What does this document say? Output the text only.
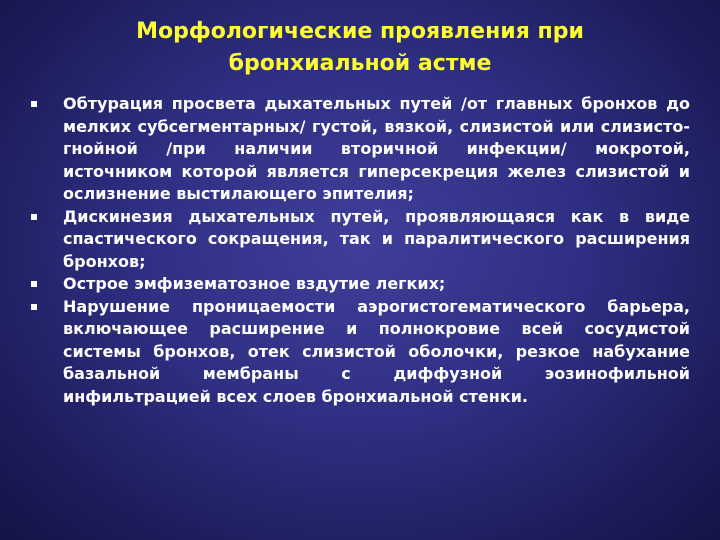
Морфологические проявления при
бронхиальной астме
Обтурация просвета дыхательных путей /от главных бронхов до мелких субсегментарных/ густой, вязкой, слизистой или слизисто-гнойной /при наличии вторичной инфекции/ мокротой, источником которой является гиперсекреция желез слизистой и ослизнение выстилающего эпителия;
Дискинезия дыхательных путей, проявляющаяся как в виде спастического сокращения, так и паралитического расширения бронхов;
Острое эмфизематозное вздутие легких;
Нарушение проницаемости аэрогистогематического барьера, включающее расширение и полнокровие всей сосудистой системы бронхов, отек слизистой оболочки, резкое набухание базальной мембраны с диффузной эозинофильной инфильтрацией всех слоев бронхиальной стенки.
